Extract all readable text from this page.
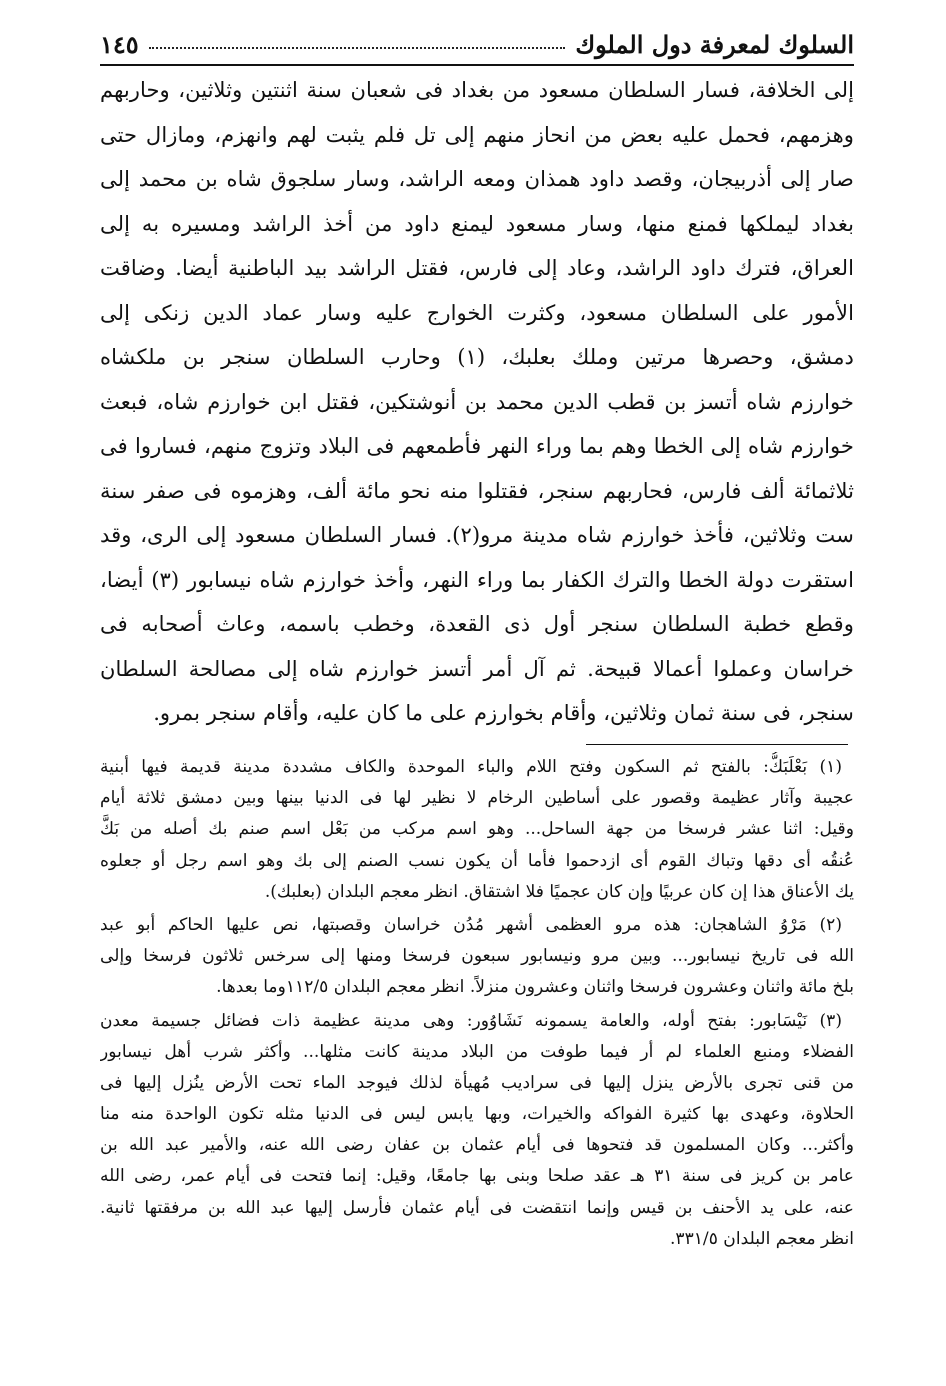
السلوك لمعرفة دول الملوك
١٤٥
إلى الخلافة، فسار السلطان مسعود من بغداد فى شعبان سنة اثنتين وثلاثين، وحاربهم
وهزمهم، فحمل عليه بعض من انحاز منهم إلى تل فلم يثبت لهم وانهزم، ومازال حتى
صار إلى أذربيجان، وقصد داود همذان ومعه الراشد، وسار سلجوق شاه بن محمد إلى
بغداد ليملكها فمنع منها، وسار مسعود ليمنع داود من أخذ الراشد ومسيره به إلى
العراق، فترك داود الراشد، وعاد إلى فارس، فقتل الراشد بيد الباطنية أيضا. وضاقت
الأمور على السلطان مسعود، وكثرت الخوارج عليه وسار عماد الدين زنكى إلى
دمشق، وحصرها مرتين وملك بعلبك، (١) وحارب السلطان سنجر بن ملكشاه
خوارزم شاه أتسز بن قطب الدين محمد بن أنوشتكين، فقتل ابن خوارزم شاه، فبعث
خوارزم شاه إلى الخطا وهم بما وراء النهر فأطمعهم فى البلاد وتزوج منهم، فساروا فى
ثلاثمائة ألف فارس، فحاربهم سنجر، فقتلوا منه نحو مائة ألف، وهزموه فى صفر سنة
ست وثلاثين، فأخذ خوارزم شاه مدينة مرو(٢). فسار السلطان مسعود إلى الرى، وقد
استقرت دولة الخطا والترك الكفار بما وراء النهر، وأخذ خوارزم شاه نيسابور (٣) أيضا،
وقطع خطبة السلطان سنجر أول ذى القعدة، وخطب باسمه، وعاث أصحابه فى
خراسان وعملوا أعمالا قبيحة. ثم آل أمر أتسز خوارزم شاه إلى مصالحة السلطان
سنجر، فى سنة ثمان وثلاثين، وأقام بخوارزم على ما كان عليه، وأقام سنجر بمرو.
(١) بَعْلَبَكُّ: بالفتح ثم السكون وفتح اللام والباء الموحدة والكاف مشددة مدينة قديمة فيها أبنية
عجيبة وآثار عظيمة وقصور على أساطين الرخام لا نظير لها فى الدنيا بينها وبين دمشق ثلاثة أيام
وقيل: اثنا عشر فرسخا من جهة الساحل... وهو اسم مركب من بَعْل اسم صنم بك أصله من بَكَّ
عُنقُه أى دقها وتباك القوم أى ازدحموا فأما أن يكون نسب الصنم إلى بك وهو اسم رجل أو جعلوه
يك الأعناق هذا إن كان عربيًا وإن كان عجميًا فلا اشتقاق. انظر معجم البلدان (بعلبك).
(٢) مَرْوُ الشاهجان: هذه مرو العظمى أشهر مُدُن خراسان وقصبتها، نص عليها الحاكم أبو عبد
الله فى تاريخ نيسابور... وبين مرو ونيسابور سبعون فرسخا ومنها إلى سرخس ثلاثون فرسخا وإلى
بلخ مائة واثنان وعشرون فرسخا واثنان وعشرون منزلاً. انظر معجم البلدان ١١٢/٥وما بعدها.
(٣) نَيْسَابور: بفتح أوله، والعامة يسمونه نَشَاوُور: وهى مدينة عظيمة ذات فضائل جسيمة معدن
الفضلاء ومنبع العلماء لم أر فيما طوفت من البلاد مدينة كانت مثلها... وأكثر شرب أهل نيسابور
من قنى تجرى بالأرض ينزل إليها فى سراديب مُهيأة لذلك فيوجد الماء تحت الأرض ينُزل إليها فى
الحلاوة، وعهدى بها كثيرة الفواكه والخيرات، وبها يابس ليس فى الدنيا مثله تكون الواحدة منه منا
وأكثر... وكان المسلمون قد فتحوها فى أيام عثمان بن عفان رضى الله عنه، والأمير عبد الله بن
عامر بن كريز فى سنة ٣١ هـ عقد صلحا وبنى بها جامعًا، وقيل: إنما فتحت فى أيام عمر، رضى الله
عنه، على يد الأحنف بن قيس وإنما انتقضت فى أيام عثمان فأرسل إليها عبد الله بن مرفقتها ثانية.
انظر معجم البلدان ٣٣١/٥.
